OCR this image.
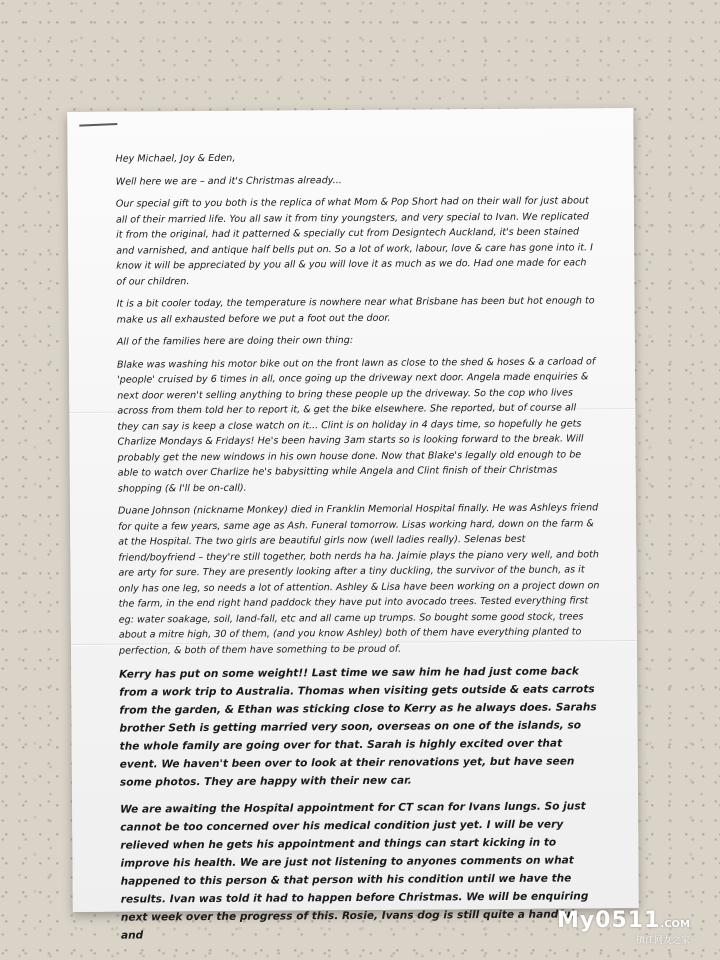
Hey Michael, Joy & Eden,

Well here we are – and it's Christmas already...

Our special gift to you both is the replica of what Mom & Pop Short had on their wall for just about all of their married life. You all saw it from tiny youngsters, and very special to Ivan. We replicated it from the original, had it patterned & specially cut from Designtech Auckland, it's been stained and varnished, and antique half bells put on. So a lot of work, labour, love & care has gone into it. I know it will be appreciated by you all & you will love it as much as we do. Had one made for each of our children.

It is a bit cooler today, the temperature is nowhere near what Brisbane has been but hot enough to make us all exhausted before we put a foot out the door.

All of the families here are doing their own thing:

Blake was washing his motor bike out on the front lawn as close to the shed & hoses & a carload of 'people' cruised by 6 times in all, once going up the driveway next door. Angela made enquiries & next door weren't selling anything to bring these people up the driveway. So the cop who lives across from them told her to report it, & get the bike elsewhere. She reported, but of course all they can say is keep a close watch on it... Clint is on holiday in 4 days time, so hopefully he gets Charlize Mondays & Fridays! He's been having 3am starts so is looking forward to the break. Will probably get the new windows in his own house done. Now that Blake's legally old enough to be able to watch over Charlize he's babysitting while Angela and Clint finish of their Christmas shopping (& I'll be on-call).

Duane Johnson (nickname Monkey) died in Franklin Memorial Hospital finally. He was Ashleys friend for quite a few years, same age as Ash. Funeral tomorrow. Lisas working hard, down on the farm & at the Hospital. The two girls are beautiful girls now (well ladies really). Selenas best friend/boyfriend – they're still together, both nerds ha ha. Jaimie plays the piano very well, and both are arty for sure. They are presently looking after a tiny duckling, the survivor of the bunch, as it only has one leg, so needs a lot of attention. Ashley & Lisa have been working on a project down on the farm, in the end right hand paddock they have put into avocado trees. Tested everything first eg: water soakage, soil, land-fall, etc and all came up trumps. So bought some good stock, trees about a mitre high, 30 of them, (and you know Ashley) both of them have everything planted to perfection, & both of them have something to be proud of.

Kerry has put on some weight!! Last time we saw him he had just come back from a work trip to Australia. Thomas when visiting gets outside & eats carrots from the garden, & Ethan was sticking close to Kerry as he always does. Sarahs brother Seth is getting married very soon, overseas on one of the islands, so the whole family are going over for that. Sarah is highly excited over that event. We haven't been over to look at their renovations yet, but have seen some photos. They are happy with their new car.

We are awaiting the Hospital appointment for CT scan for Ivans lungs. So just cannot be too concerned over his medical condition just yet. I will be very relieved when he gets his appointment and things can start kicking in to improve his health. We are just not listening to anyones comments on what happened to this person & that person with his condition until we have the results. Ivan was told it had to happen before Christmas. We will be enquiring next week over the progress of this. Rosie, Ivans dog is still quite a handful, and

My0511.COM
镇江网友之家
